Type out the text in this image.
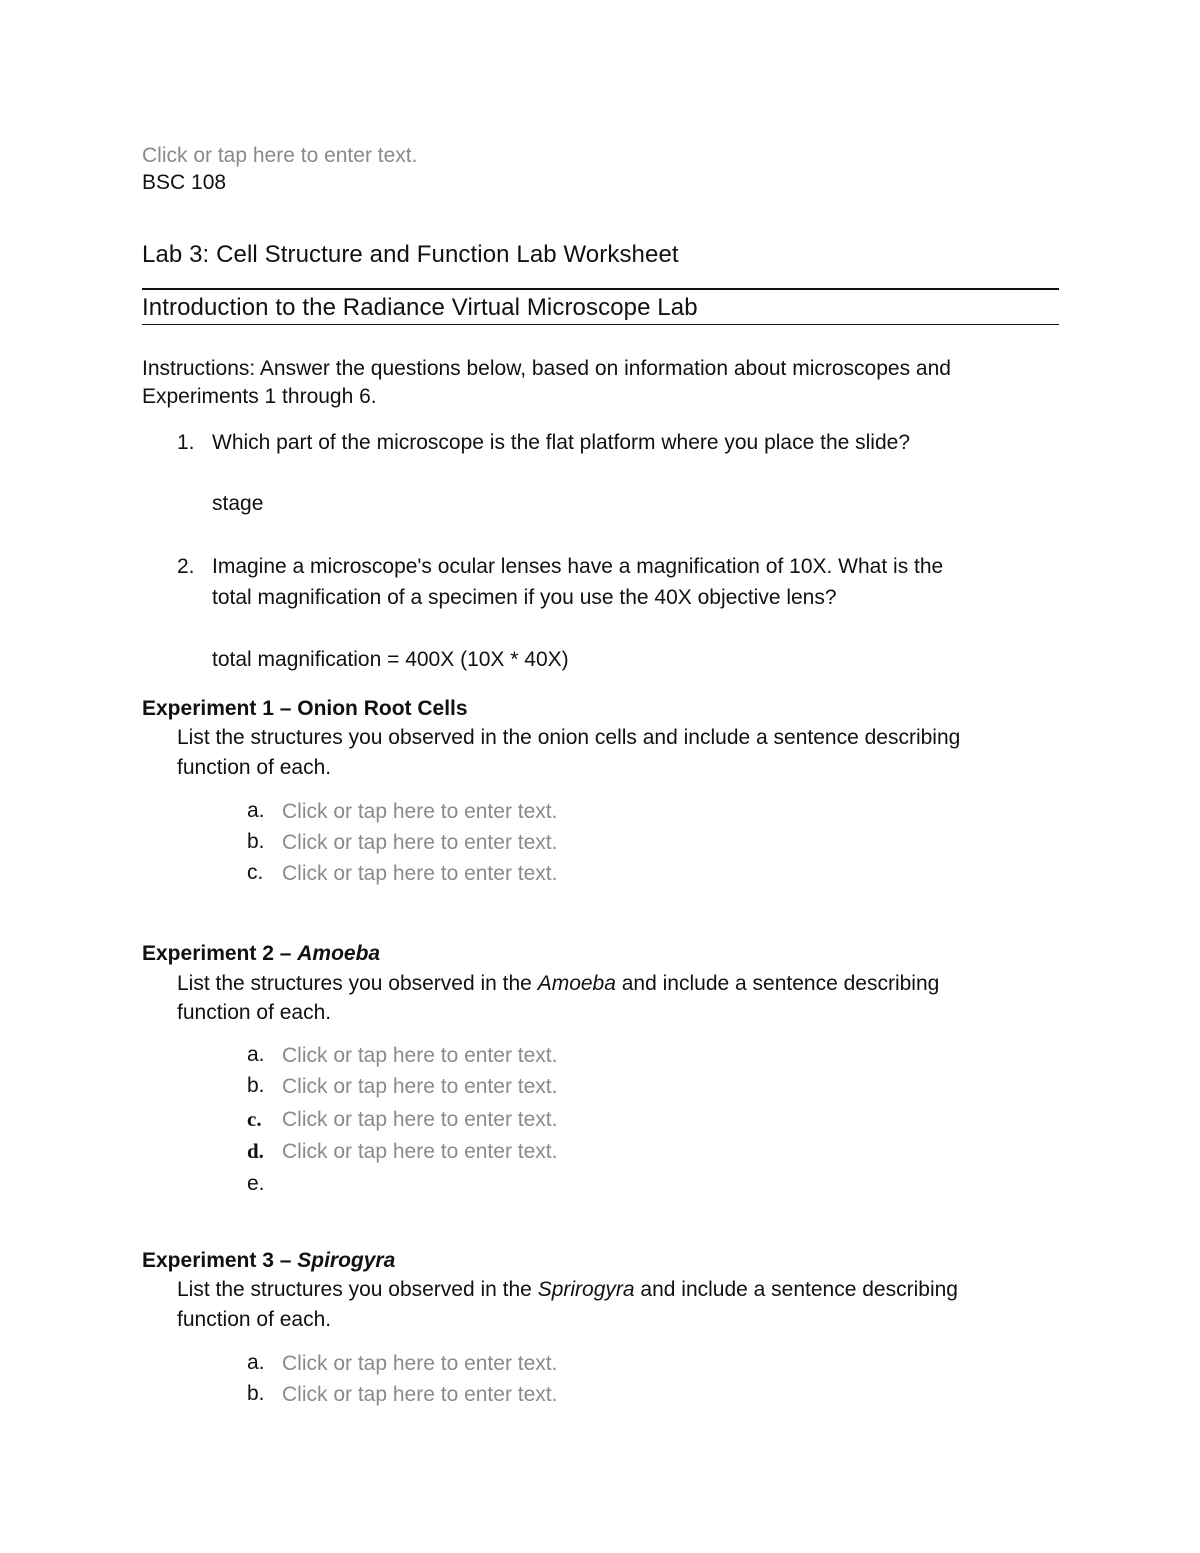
Click or tap here to enter text.
BSC 108
Lab 3: Cell Structure and Function Lab Worksheet
Introduction to the Radiance Virtual Microscope Lab
Instructions: Answer the questions below, based on information about microscopes and
Experiments 1 through 6.
1. Which part of the microscope is the flat platform where you place the slide?
stage
2. Imagine a microscope's ocular lenses have a magnification of 10X. What is the
total magnification of a specimen if you use the 40X objective lens?
total magnification = 400X (10X * 40X)
Experiment 1 – Onion Root Cells
List the structures you observed in the onion cells and include a sentence describing
function of each.
a. Click or tap here to enter text.
b. Click or tap here to enter text.
c. Click or tap here to enter text.
Experiment 2 – Amoeba
List the structures you observed in the Amoeba and include a sentence describing
function of each.
a. Click or tap here to enter text.
b. Click or tap here to enter text.
c. Click or tap here to enter text.
d. Click or tap here to enter text.
e.
Experiment 3 – Spirogyra
List the structures you observed in the Sprirogyra and include a sentence describing
function of each.
a. Click or tap here to enter text.
b. Click or tap here to enter text.
